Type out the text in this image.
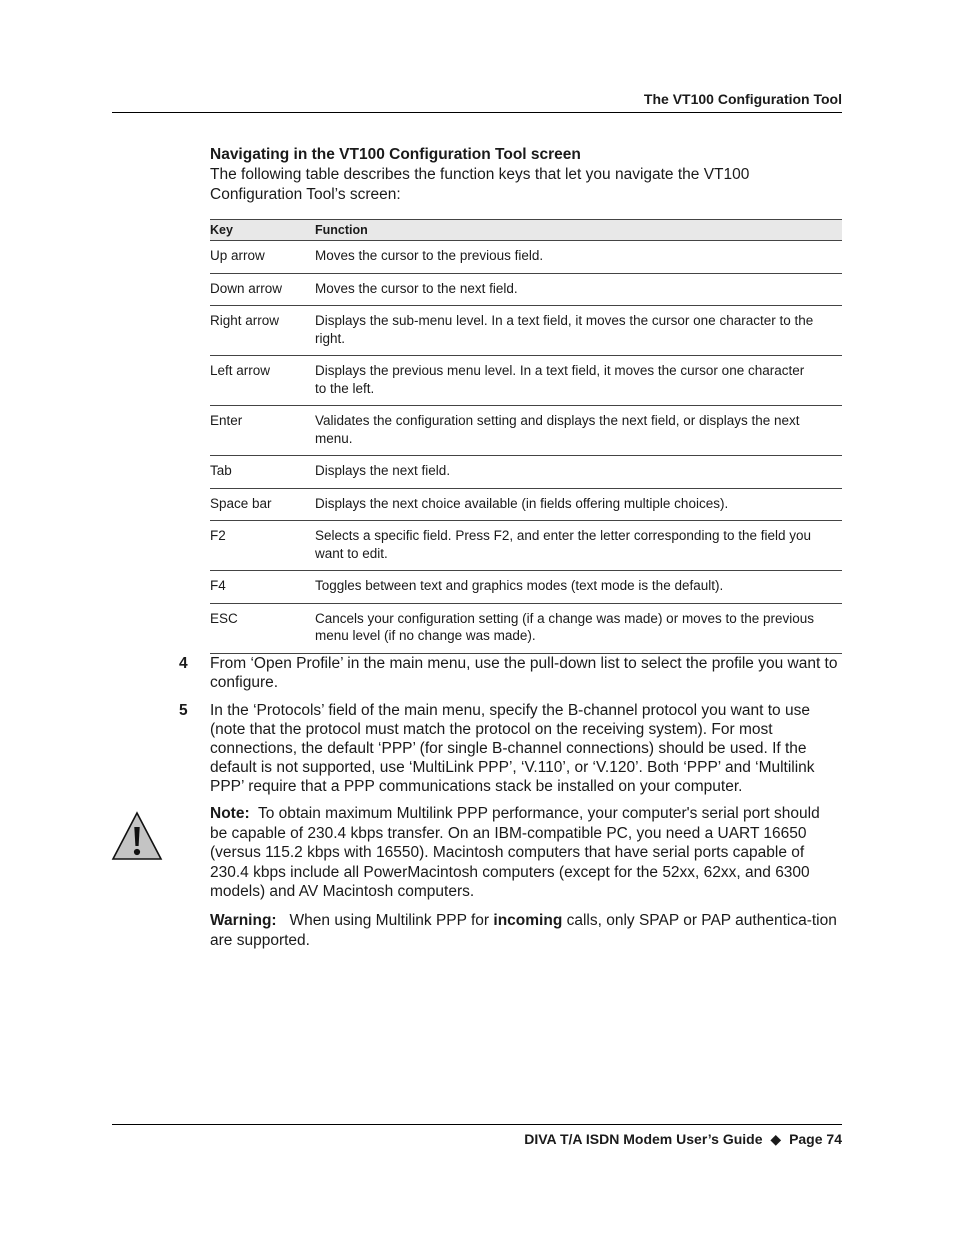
The VT100 Configuration Tool
Navigating in the VT100 Configuration Tool screen
The following table describes the function keys that let you navigate the VT100 Configuration Tool’s screen:
Key	Function
Up arrow	Moves the cursor to the previous field.
Down arrow	Moves the cursor to the next field.
Right arrow	Displays the sub-menu level. In a text field, it moves the cursor one character to the right.
Left arrow	Displays the previous menu level. In a text field, it moves the cursor one character to the left.
Enter	Validates the configuration setting and displays the next field, or displays the next menu.
Tab	Displays the next field.
Space bar	Displays the next choice available (in fields offering multiple choices).
F2	Selects a specific field. Press F2, and enter the letter corresponding to the field you want to edit.
F4	Toggles between text and graphics modes (text mode is the default).
ESC	Cancels your configuration setting (if a change was made) or moves to the previous menu level (if no change was made).
4 From ‘Open Profile’ in the main menu, use the pull-down list to select the profile you want to configure.
5 In the ‘Protocols’ field of the main menu, specify the B-channel protocol you want to use (note that the protocol must match the protocol on the receiving system). For most connections, the default ‘PPP’ (for single B-channel connections) should be used. If the default is not supported, use ‘MultiLink PPP’, ‘V.110’, or ‘V.120’. Both ‘PPP’ and ‘Multilink PPP’ require that a PPP communications stack be installed on your computer.
Note: To obtain maximum Multilink PPP performance, your computer's serial port should be capable of 230.4 kbps transfer. On an IBM-compatible PC, you need a UART 16650 (versus 115.2 kbps with 16550). Macintosh computers that have serial ports capable of 230.4 kbps include all PowerMacintosh computers (except for the 52xx, 62xx, and 6300 models) and AV Macintosh computers.
Warning: When using Multilink PPP for incoming calls, only SPAP or PAP authentica-tion are supported.
DIVA T/A ISDN Modem User’s Guide ◆ Page 74
